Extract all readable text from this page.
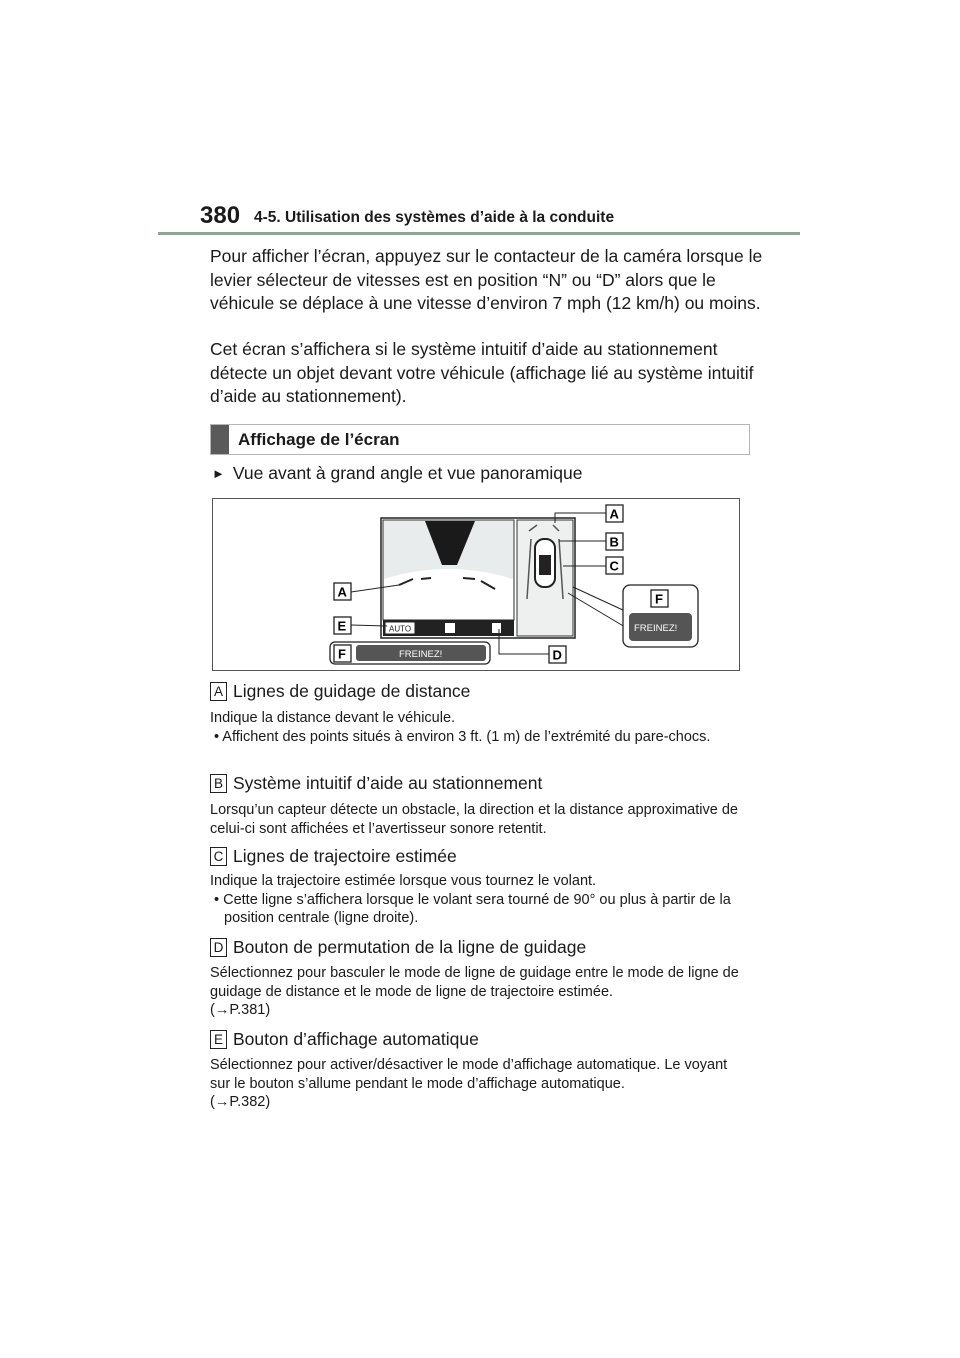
380 4-5. Utilisation des systèmes d’aide à la conduite
Pour afficher l’écran, appuyez sur le contacteur de la caméra lorsque le levier sélecteur de vitesses est en position “N” ou “D” alors que le véhicule se déplace à une vitesse d’environ 7 mph (12 km/h) ou moins.
Cet écran s’affichera si le système intuitif d’aide au stationnement détecte un objet devant votre véhicule (affichage lié au système intuitif d’aide au stationnement).
Affichage de l’écran
► Vue avant à grand angle et vue panoramique
AUTO
A
B
C
A
E
D
F	FREINEZ!
F
FREINEZ!
A Lignes de guidage de distance
Indique la distance devant le véhicule.
• Affichent des points situés à environ 3 ft. (1 m) de l’extrémité du pare-chocs.
B Système intuitif d’aide au stationnement
Lorsqu’un capteur détecte un obstacle, la direction et la distance approximative de celui-ci sont affichées et l’avertisseur sonore retentit.
C Lignes de trajectoire estimée
Indique la trajectoire estimée lorsque vous tournez le volant.
• Cette ligne s’affichera lorsque le volant sera tourné de 90° ou plus à partir de la position centrale (ligne droite).
D Bouton de permutation de la ligne de guidage
Sélectionnez pour basculer le mode de ligne de guidage entre le mode de ligne de guidage de distance et le mode de ligne de trajectoire estimée.
(→P.381)
E Bouton d’affichage automatique
Sélectionnez pour activer/désactiver le mode d’affichage automatique. Le voyant sur le bouton s’allume pendant le mode d’affichage automatique.
(→P.382)
